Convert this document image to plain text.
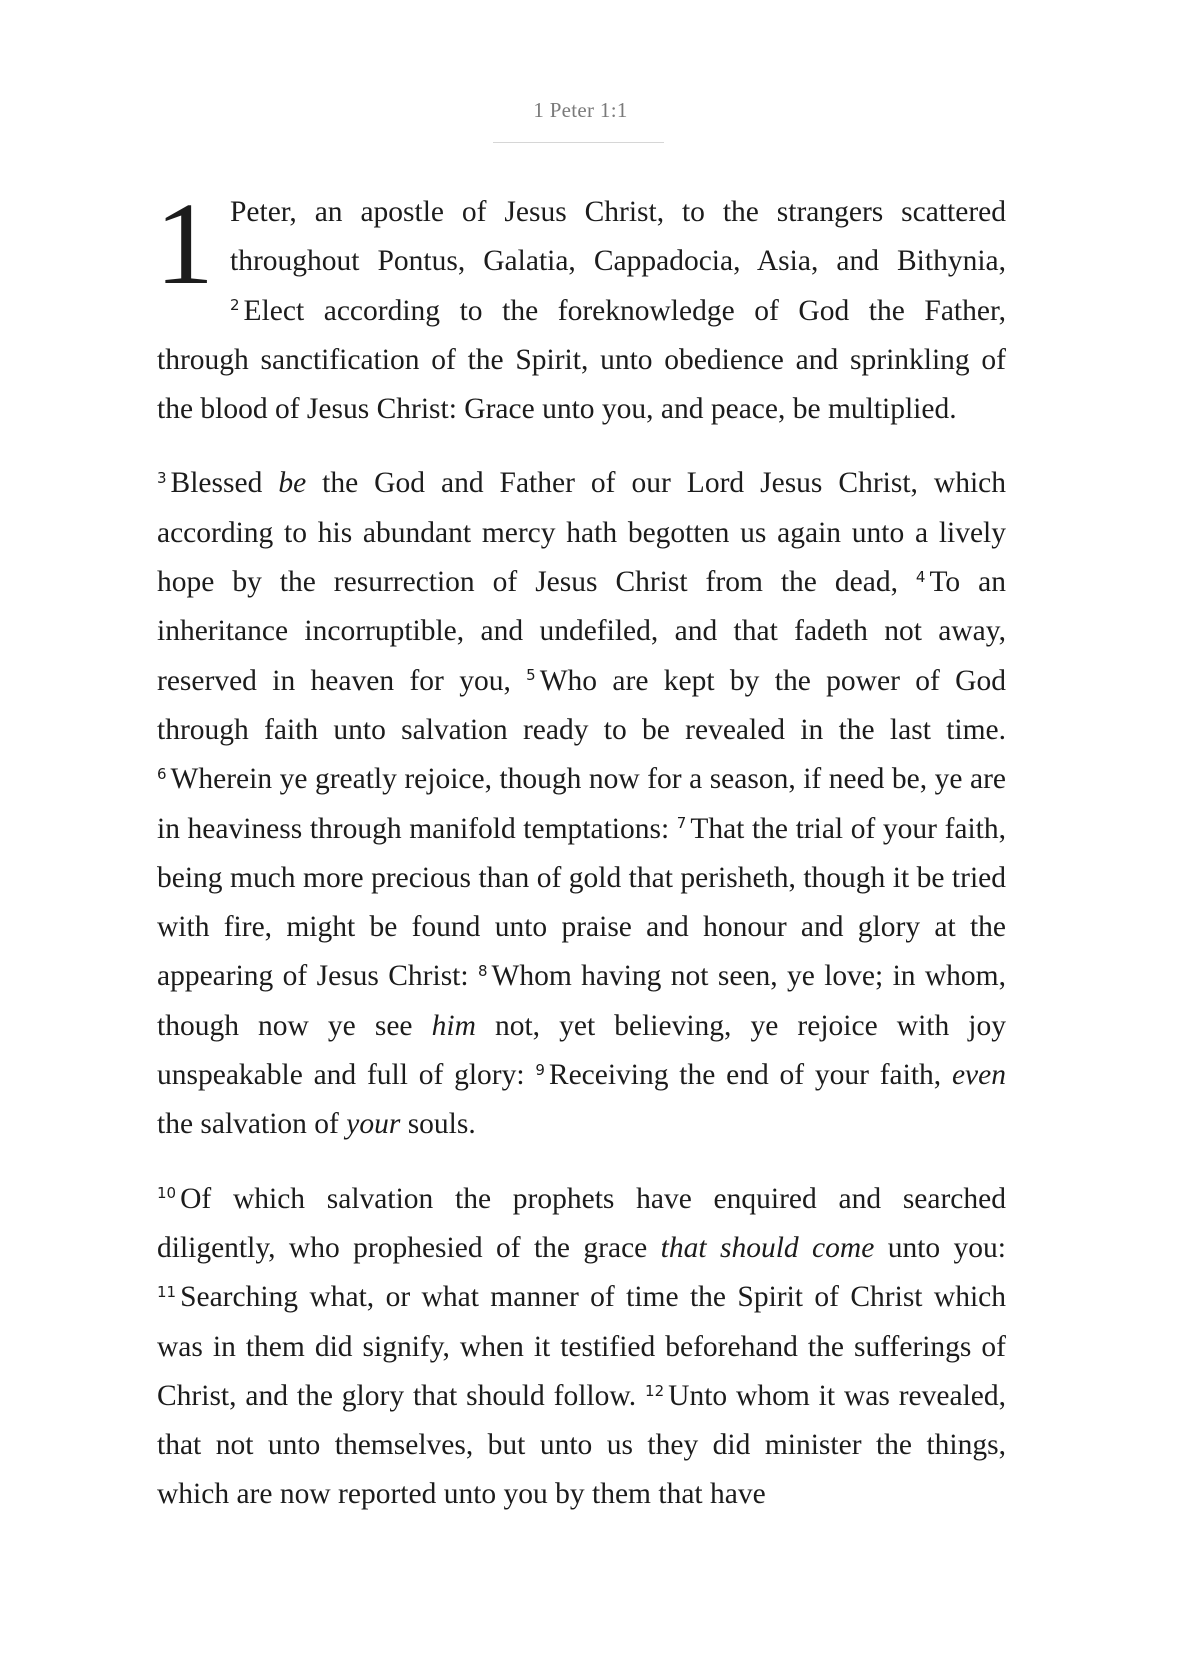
1 Peter 1:1

1 Peter, an apostle of Jesus Christ, to the strangers scattered throughout Pontus, Galatia, Cappadocia, Asia, and Bithynia, $^2$ Elect according to the foreknowledge of God the Father, through sanctification of the Spirit, unto obedience and sprinkling of the blood of Jesus Christ: Grace unto you, and peace, be multiplied.

$^3$ Blessed be the God and Father of our Lord Jesus Christ, which according to his abundant mercy hath begotten us again unto a lively hope by the resurrection of Jesus Christ from the dead, $^4$ To an inheritance incorruptible, and undefiled, and that fadeth not away, reserved in heaven for you, $^5$ Who are kept by the power of God through faith unto salvation ready to be revealed in the last time. $^6$ Wherein ye greatly rejoice, though now for a season, if need be, ye are in heaviness through manifold temptations: $^7$ That the trial of your faith, being much more precious than of gold that perisheth, though it be tried with fire, might be found unto praise and honour and glory at the appearing of Jesus Christ: $^8$ Whom having not seen, ye love; in whom, though now ye see him not, yet believing, ye rejoice with joy unspeakable and full of glory: $^9$ Receiving the end of your faith, even the salvation of your souls.

$^{10}$ Of which salvation the prophets have enquired and searched diligently, who prophesied of the grace that should come unto you: $^{11}$ Searching what, or what manner of time the Spirit of Christ which was in them did signify, when it testified beforehand the sufferings of Christ, and the glory that should follow. $^{12}$ Unto whom it was revealed, that not unto themselves, but unto us they did minister the things, which are now reported unto you by them that have
